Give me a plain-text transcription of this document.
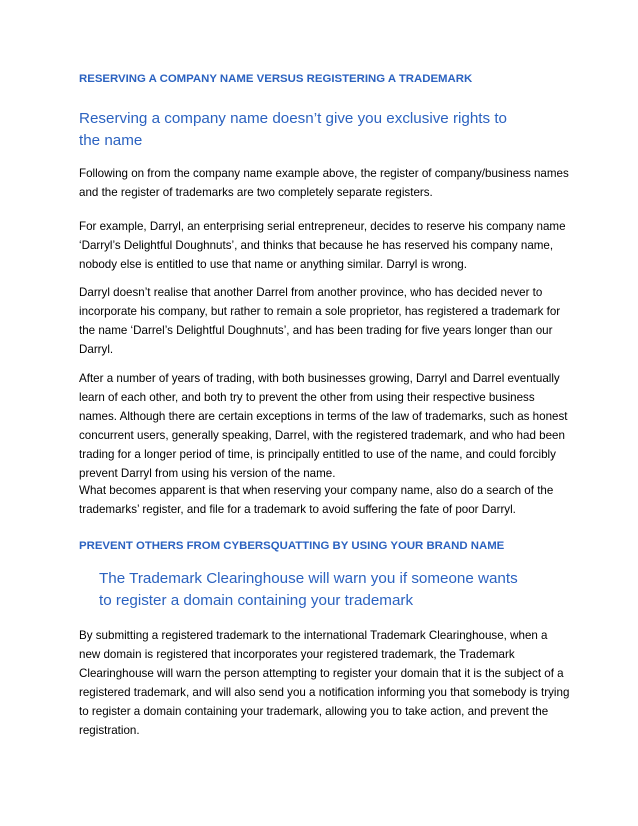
RESERVING A COMPANY NAME VERSUS REGISTERING A TRADEMARK
Reserving a company name doesn’t give you exclusive rights to the name

Following on from the company name example above, the register of company/business names and the register of trademarks are two completely separate registers.

For example, Darryl, an enterprising serial entrepreneur, decides to reserve his company name ‘Darryl’s Delightful Doughnuts’, and thinks that because he has reserved his company name, nobody else is entitled to use that name or anything similar. Darryl is wrong.

Darryl doesn’t realise that another Darrel from another province, who has decided never to incorporate his company, but rather to remain a sole proprietor, has registered a trademark for the name ‘Darrel’s Delightful Doughnuts’, and has been trading for five years longer than our Darryl.

After a number of years of trading, with both businesses growing, Darryl and Darrel eventually learn of each other, and both try to prevent the other from using their respective business names. Although there are certain exceptions in terms of the law of trademarks, such as honest concurrent users, generally speaking, Darrel, with the registered trademark, and who had been trading for a longer period of time, is principally entitled to use of the name, and could forcibly prevent Darryl from using his version of the name.

What becomes apparent is that when reserving your company name, also do a search of the trademarks’ register, and file for a trademark to avoid suffering the fate of poor Darryl.

PREVENT OTHERS FROM CYBERSQUATTING BY USING YOUR BRAND NAME
The Trademark Clearinghouse will warn you if someone wants to register a domain containing your trademark

By submitting a registered trademark to the international Trademark Clearinghouse, when a new domain is registered that incorporates your registered trademark, the Trademark Clearinghouse will warn the person attempting to register your domain that it is the subject of a registered trademark, and will also send you a notification informing you that somebody is trying to register a domain containing your trademark, allowing you to take action, and prevent the registration.
